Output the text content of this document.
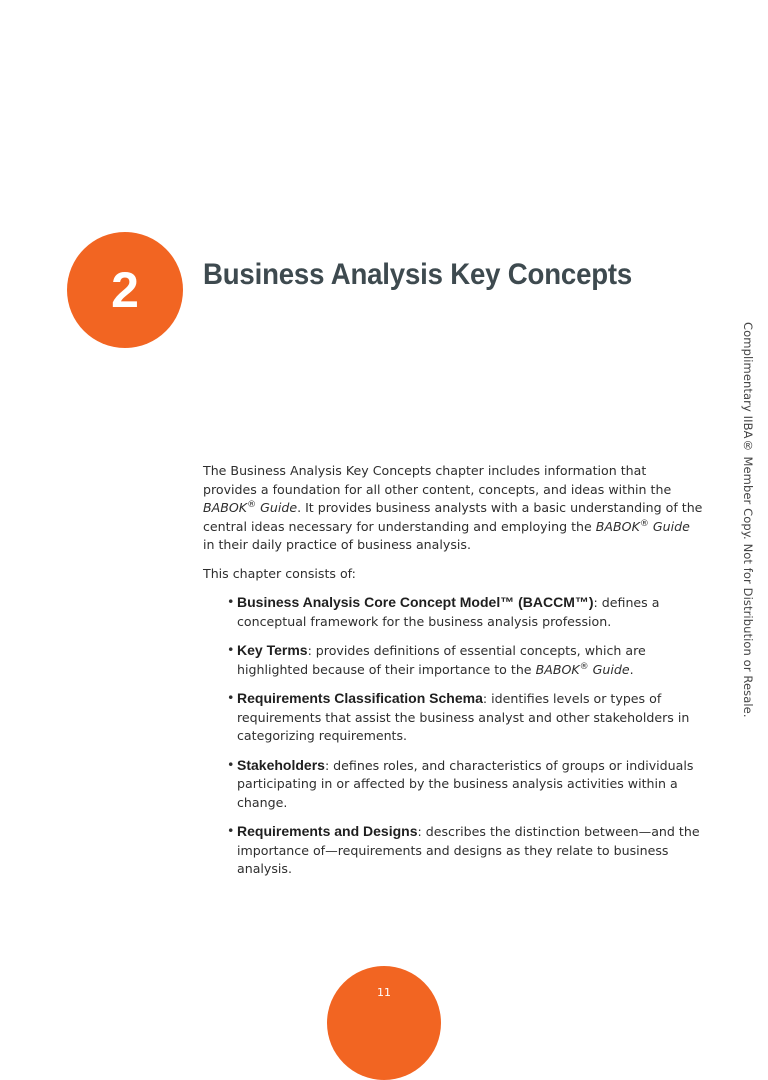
2 Business Analysis Key Concepts
Complimentary IIBA® Member Copy. Not for Distribution or Resale.

The Business Analysis Key Concepts chapter includes information that provides a foundation for all other content, concepts, and ideas within the BABOK® Guide. It provides business analysts with a basic understanding of the central ideas necessary for understanding and employing the BABOK® Guide in their daily practice of business analysis.

This chapter consists of:

• Business Analysis Core Concept Model™ (BACCM™): defines a conceptual framework for the business analysis profession.
• Key Terms: provides definitions of essential concepts, which are highlighted because of their importance to the BABOK® Guide.
• Requirements Classification Schema: identifies levels or types of requirements that assist the business analyst and other stakeholders in categorizing requirements.
• Stakeholders: defines roles, and characteristics of groups or individuals participating in or affected by the business analysis activities within a change.
• Requirements and Designs: describes the distinction between—and the importance of—requirements and designs as they relate to business analysis.
11
